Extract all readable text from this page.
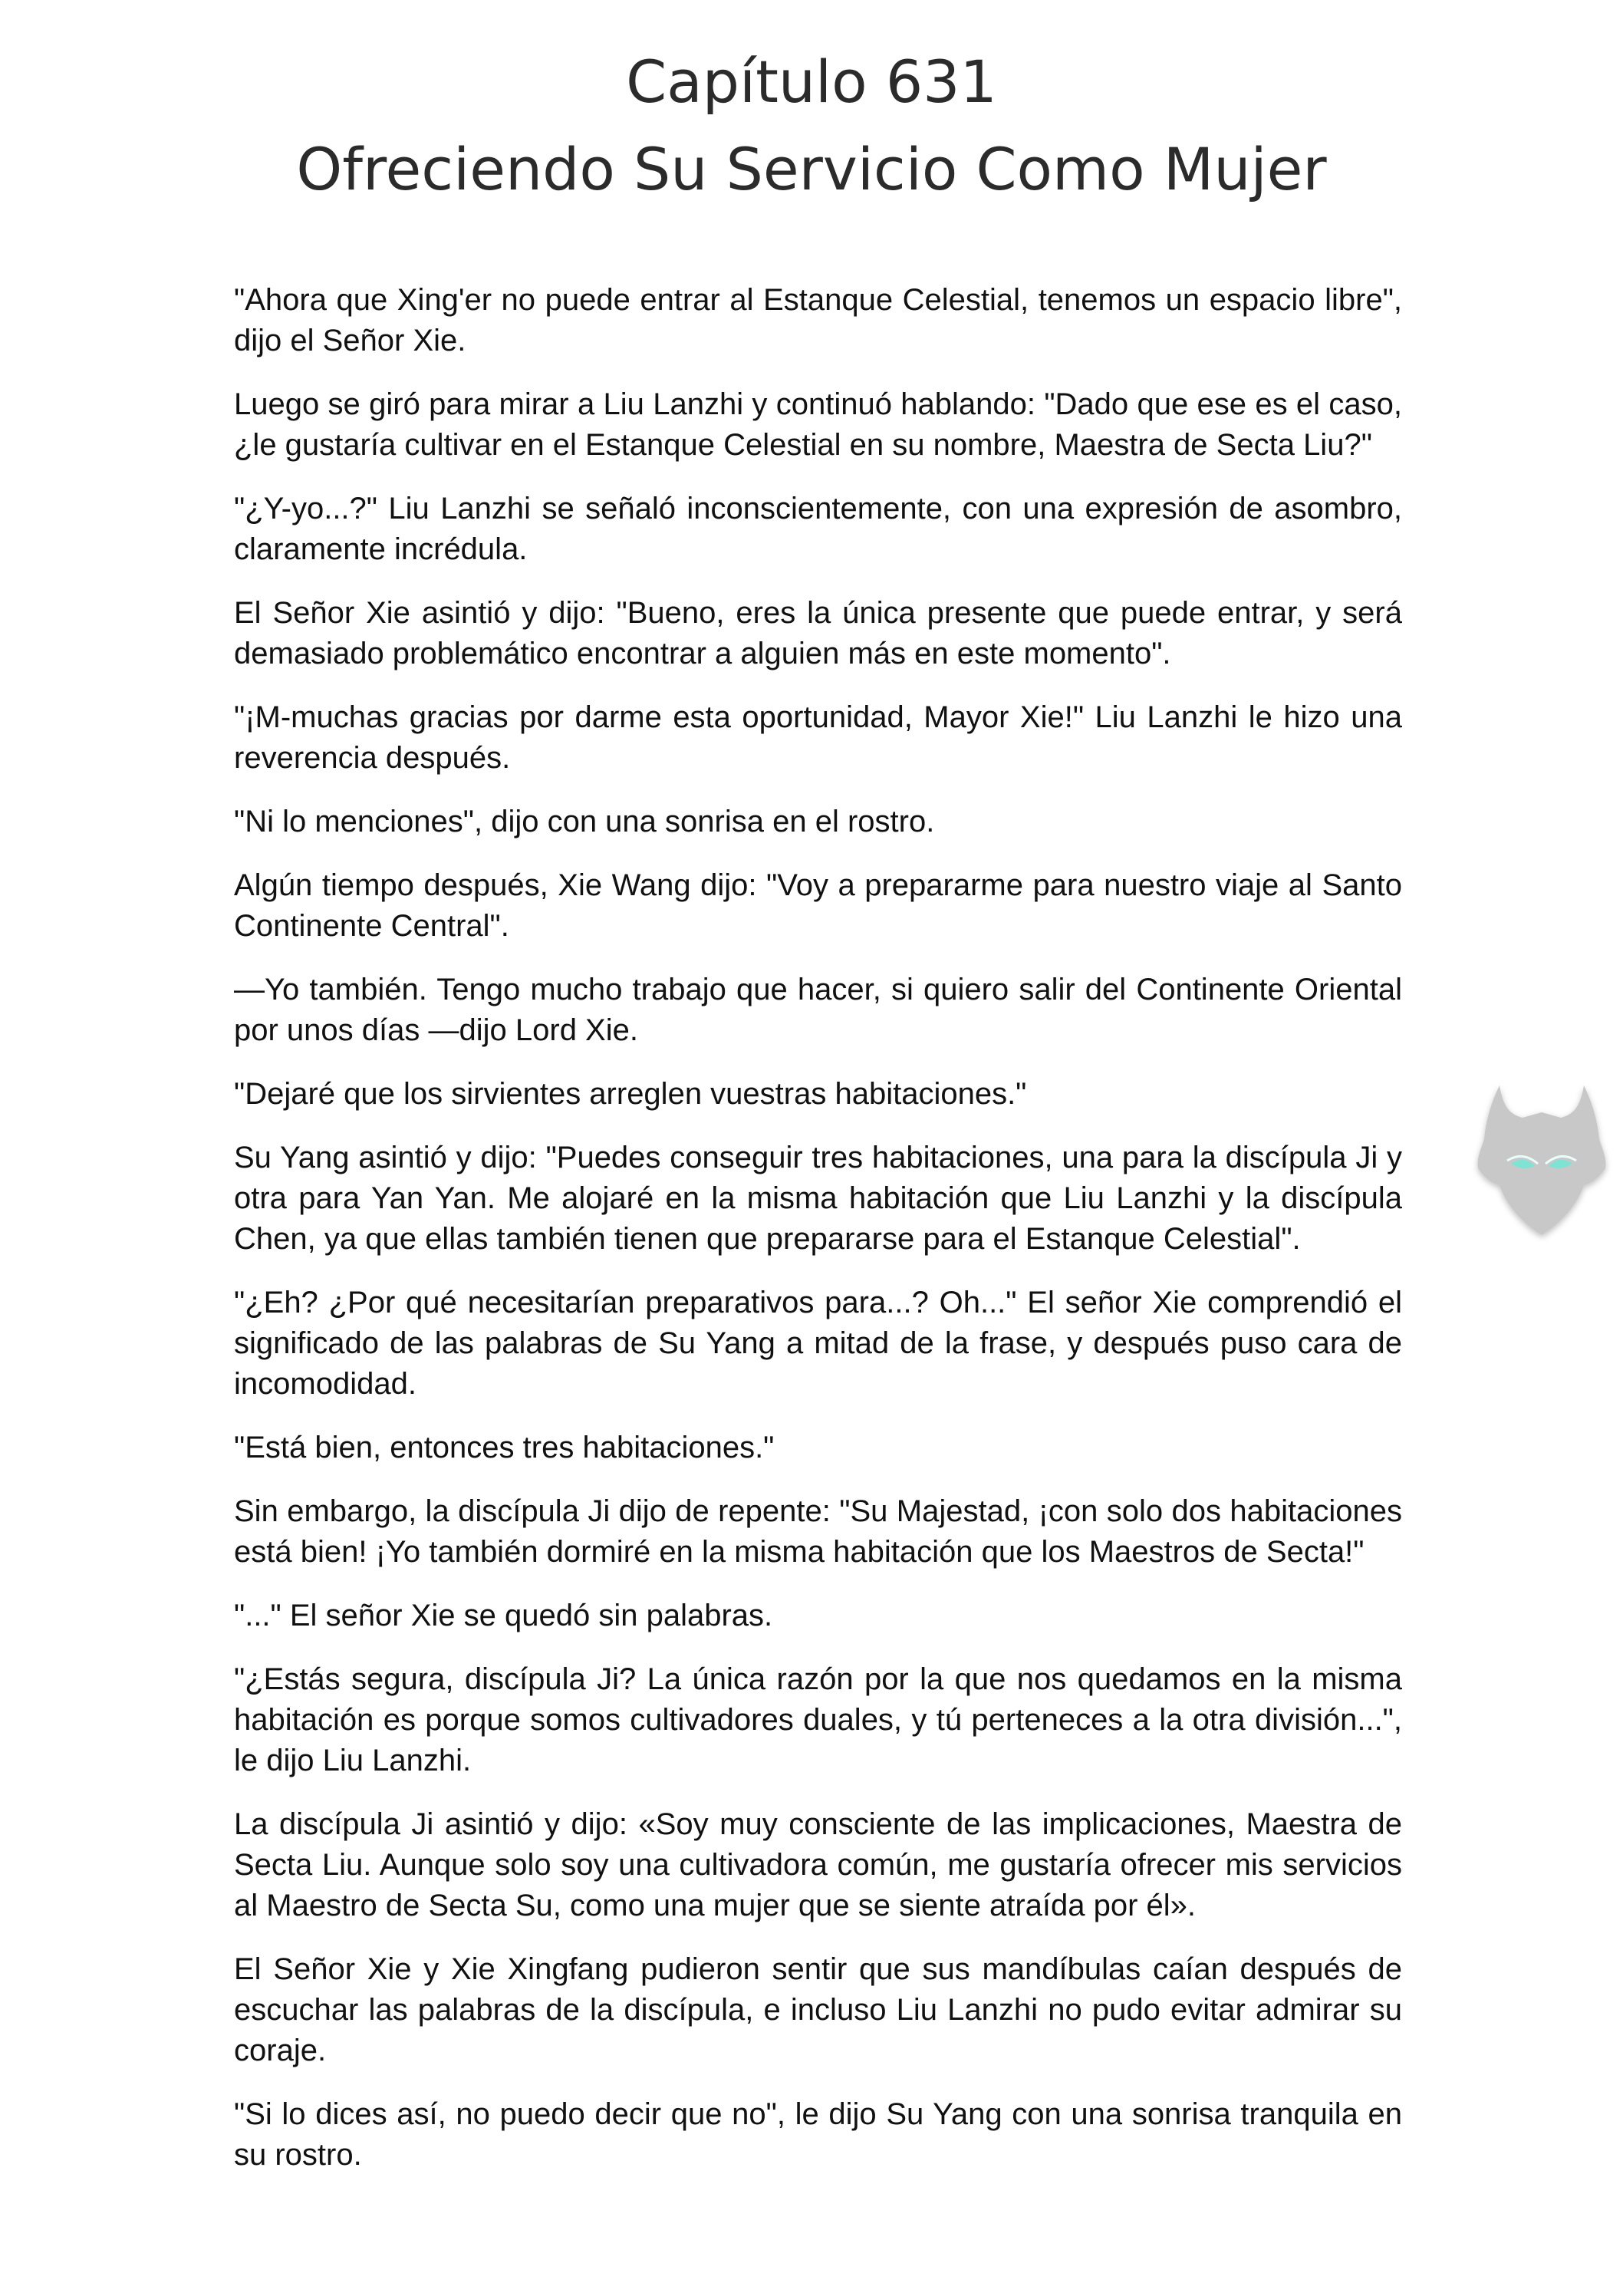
Capítulo 631
Ofreciendo Su Servicio Como Mujer

"Ahora que Xing'er no puede entrar al Estanque Celestial, tenemos un espacio libre", dijo el Señor Xie.

Luego se giró para mirar a Liu Lanzhi y continuó hablando: "Dado que ese es el caso, ¿le gustaría cultivar en el Estanque Celestial en su nombre, Maestra de Secta Liu?"

"¿Y-yo...?" Liu Lanzhi se señaló inconscientemente, con una expresión de asombro, claramente incrédula.

El Señor Xie asintió y dijo: "Bueno, eres la única presente que puede entrar, y será demasiado problemático encontrar a alguien más en este momento".

"¡M-muchas gracias por darme esta oportunidad, Mayor Xie!" Liu Lanzhi le hizo una reverencia después.

"Ni lo menciones", dijo con una sonrisa en el rostro.

Algún tiempo después, Xie Wang dijo: "Voy a prepararme para nuestro viaje al Santo Continente Central".

—Yo también. Tengo mucho trabajo que hacer, si quiero salir del Continente Oriental por unos días —dijo Lord Xie.

"Dejaré que los sirvientes arreglen vuestras habitaciones."

Su Yang asintió y dijo: "Puedes conseguir tres habitaciones, una para la discípula Ji y otra para Yan Yan. Me alojaré en la misma habitación que Liu Lanzhi y la discípula Chen, ya que ellas también tienen que prepararse para el Estanque Celestial".

"¿Eh? ¿Por qué necesitarían preparativos para...? Oh..." El señor Xie comprendió el significado de las palabras de Su Yang a mitad de la frase, y después puso cara de incomodidad.

"Está bien, entonces tres habitaciones."

Sin embargo, la discípula Ji dijo de repente: "Su Majestad, ¡con solo dos habitaciones está bien! ¡Yo también dormiré en la misma habitación que los Maestros de Secta!"

"..." El señor Xie se quedó sin palabras.

"¿Estás segura, discípula Ji? La única razón por la que nos quedamos en la misma habitación es porque somos cultivadores duales, y tú perteneces a la otra división...", le dijo Liu Lanzhi.

La discípula Ji asintió y dijo: «Soy muy consciente de las implicaciones, Maestra de Secta Liu. Aunque solo soy una cultivadora común, me gustaría ofrecer mis servicios al Maestro de Secta Su, como una mujer que se siente atraída por él».

El Señor Xie y Xie Xingfang pudieron sentir que sus mandíbulas caían después de escuchar las palabras de la discípula, e incluso Liu Lanzhi no pudo evitar admirar su coraje.

"Si lo dices así, no puedo decir que no", le dijo Su Yang con una sonrisa tranquila en su rostro.
